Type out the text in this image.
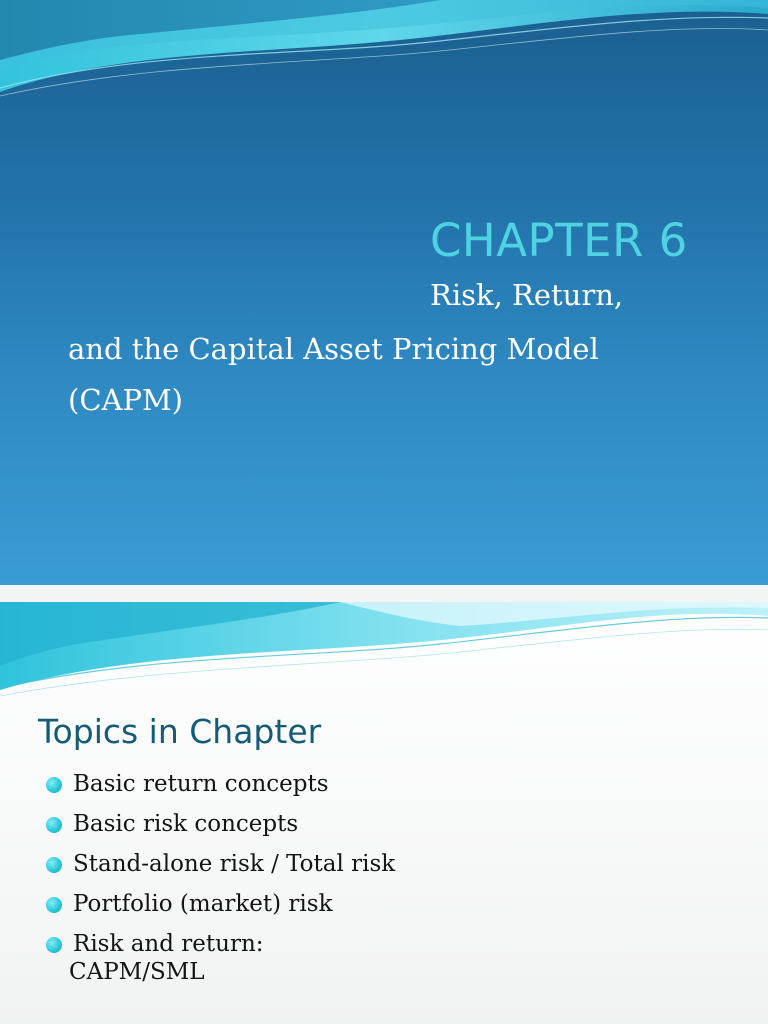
CHAPTER 6
Risk, Return,
and the Capital Asset Pricing Model
(CAPM)
Topics in Chapter
Basic return concepts
Basic risk concepts
Stand-alone risk / Total risk
Portfolio (market) risk
Risk and return:
CAPM/SML
